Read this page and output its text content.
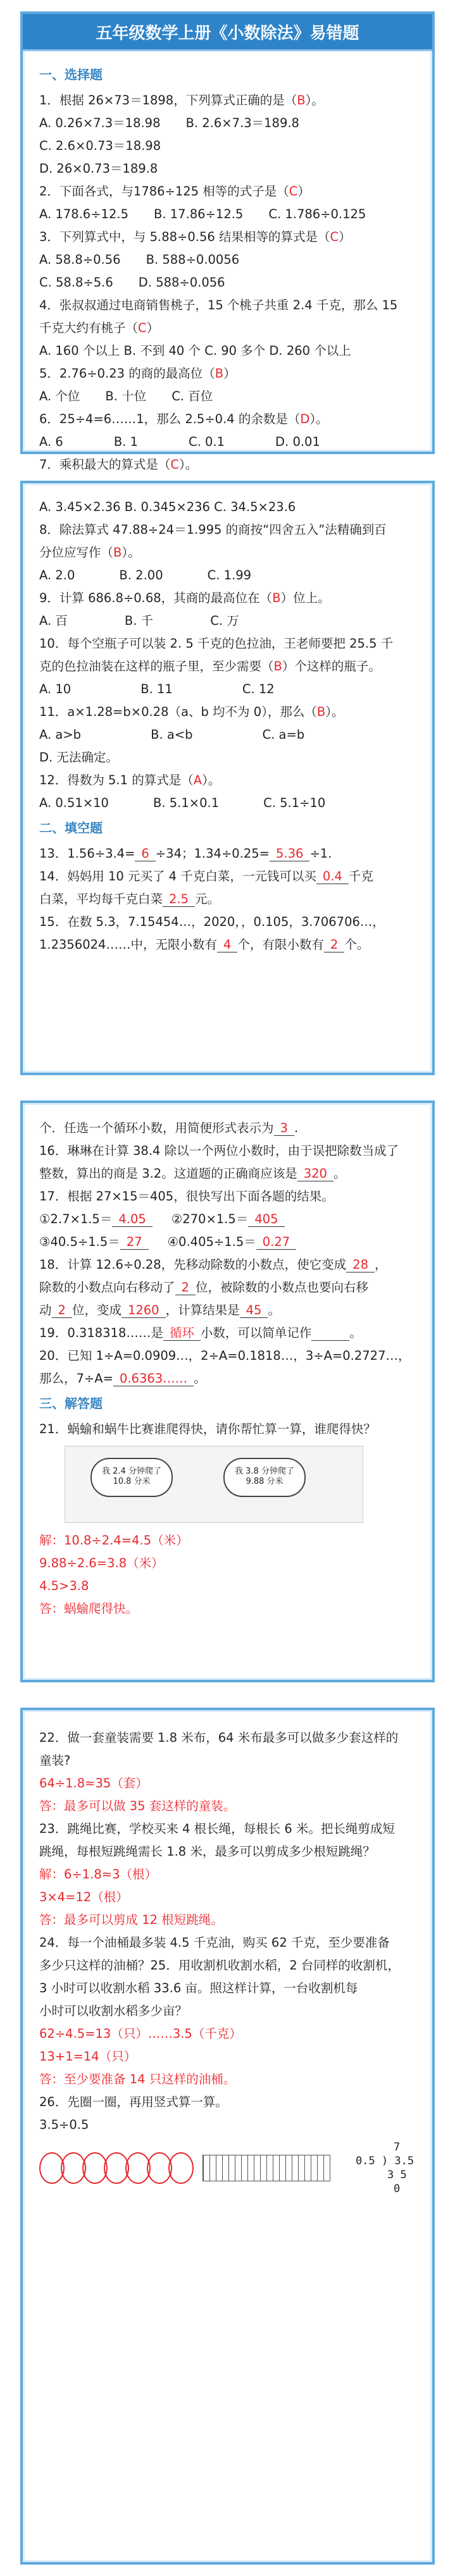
五年级数学上册《小数除法》易错题
一、选择题

1．根据 26×73＝1898，下列算式正确的是（B）。

A. 0.26×7.3＝18.98 B. 2.6×7.3＝189.8

C. 2.6×0.73＝18.98

D. 26×0.73＝189.8

2．下面各式，与1786÷125 相等的式子是（C）

A. 178.6÷12.5 B. 17.86÷12.5 C. 1.786÷0.125

3．下列算式中，与 5.88÷0.56 结果相等的算式是（C）

A. 58.8÷0.56 B. 588÷0.0056

C. 58.8÷5.6 D. 588÷0.056

4．张叔叔通过电商销售桃子，15 个桃子共重 2.4 千克，那么 15

千克大约有桃子（C）

A. 160 个以上 B. 不到 40 个 C. 90 多个 D. 260 个以上

5．2.76÷0.23 的商的最高位（B）

A. 个位 B. 十位 C. 百位

6．25÷4=6……1，那么 2.5÷0.4 的余数是（D）。

A. 6	B. 1	C. 0.1	D. 0.01

7．乘积最大的算式是（C）。

A. 3.45×2.36 B. 0.345×236 C. 34.5×23.6

8．除法算式 47.88÷24＝1.995 的商按“四舍五入”法精确到百

分位应写作（B）。

A. 2.0	B. 2.00	C. 1.99

9．计算 686.8÷0.68，其商的最高位在（B）位上。

A. 百	B. 千	C. 万

10．每个空瓶子可以装 2. 5 千克的色拉油，王老师要把 25.5 千

克的色拉油装在这样的瓶子里，至少需要（B）个这样的瓶子。

A. 10	B. 11	C. 12

11．a×1.28=b×0.28（a、b 均不为 0），那么（B）。

A. a>b	B. a<b	C. a=b

D. 无法确定。

12．得数为 5.1 的算式是（A）。

A. 0.51×10	B. 5.1×0.1	C. 5.1÷10

二、填空题

13．1.56÷3.4= 6 ÷34；1.34÷0.25= 5.36 ÷1.

14．妈妈用 10 元买了 4 千克白菜，一元钱可以买 0.4 千克

白菜，平均每千克白菜 2.5 元。

15．在数 5.3，7.15454…，2020，，0.105，3.706706…，

1.2356024……中，无限小数有 4 个，有限小数有 2 个。

个．任选一个循环小数，用简便形式表示为 3 .

16．琳琳在计算 38.4 除以一个两位小数时，由于误把除数当成了

整数，算出的商是 3.2。这道题的正确商应该是 320 。

17．根据 27×15＝405，很快写出下面各题的结果。

①2.7×1.5＝ 4.05	②270×1.5＝ 405

③40.5÷1.5＝ 27	④0.405÷1.5＝ 0.27

18．计算 12.6÷0.28，先移动除数的小数点，使它变成 28 ，

除数的小数点向右移动了 2 位，被除数的小数点也要向右移

动 2 位，变成 1260 ，计算结果是 45 。

19．0.318318……是 循环 小数，可以简单记作	。

20．已知 1÷A=0.0909…，2÷A=0.1818…，3÷A=0.2727…，

那么，7÷A= 0.6363…… 。

三、解答题

21．蜗蝓和蜗牛比赛谁爬得快，请你帮忙算一算，谁爬得快？

我 2.4 分钟爬了 10.8 分米
我 3.8 分钟爬了 9.88 分米

解：10.8÷2.4=4.5（米）

9.88÷2.6=3.8（米）

4.5>3.8

答：蜗蝓爬得快。

22．做一套童装需要 1.8 米布，64 米布最多可以做多少套这样的

童装?

64÷1.8≈35（套）

答：最多可以做 35 套这样的童装。

23．跳绳比赛，学校买来 4 根长绳，每根长 6 米。把长绳剪成短

跳绳，每根短跳绳需长 1.8 米，最多可以剪成多少根短跳绳？

解：6÷1.8≈3（根）

3×4=12（根）

答：最多可以剪成 12 根短跳绳。

24．每一个油桶最多装 4.5 千克油，购买 62 千克，至少要准备

多少只这样的油桶？25．用收割机收割水稻，2 台同样的收割机，

3 小时可以收割水稻 33.6 亩。照这样计算，一台收割机每

小时可以收割水稻多少亩？

62÷4.5=13（只）……3.5（千克）

13+1=14（只）

答：至少要准备 14 只这样的油桶。

26．先圈一圈，再用竖式算一算。

3.5÷0.5

7
0.5 ) 3.5
3 5
0
